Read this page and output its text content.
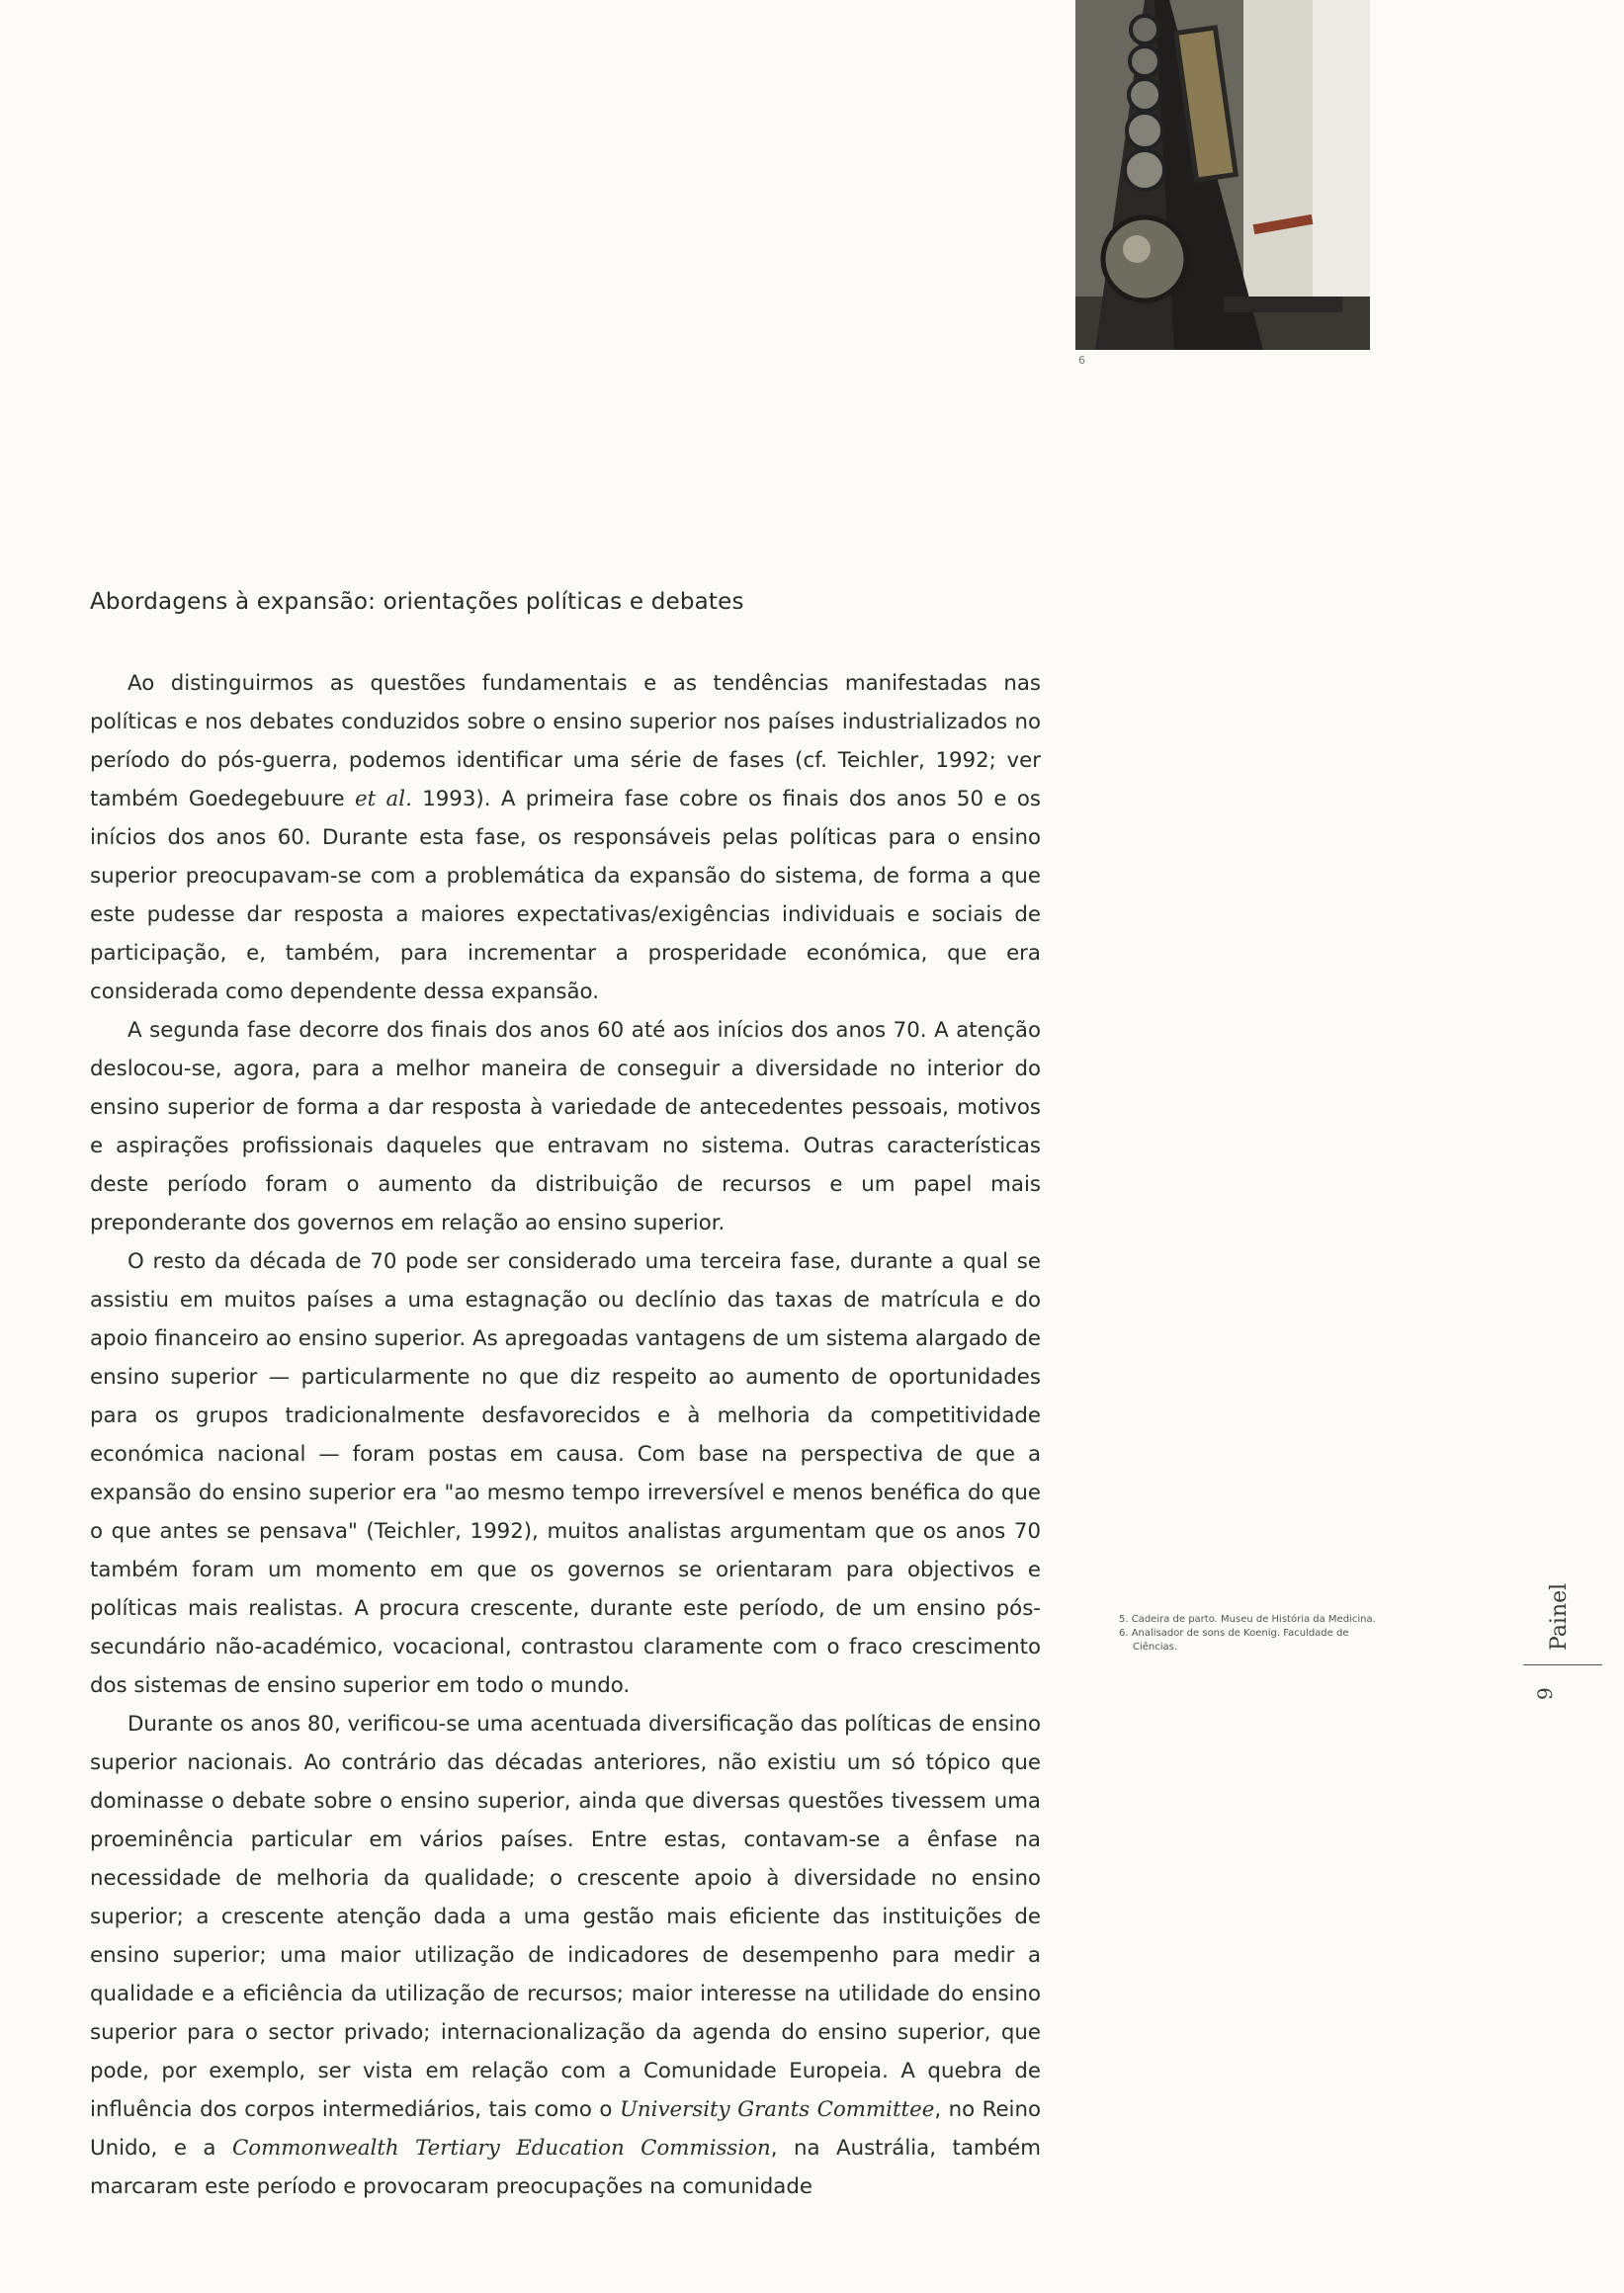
6
Abordagens à expansão: orientações políticas e debates

Ao distinguirmos as questões fundamentais e as tendências manifestadas nas políticas e nos debates conduzidos sobre o ensino superior nos países industrializados no período do pós-guerra, podemos identificar uma série de fases (cf. Teichler, 1992; ver também Goedegebuure et al. 1993). A primeira fase cobre os finais dos anos 50 e os inícios dos anos 60. Durante esta fase, os responsáveis pelas políticas para o ensino superior preocupavam-se com a problemática da expansão do sistema, de forma a que este pudesse dar resposta a maiores expectativas/exigências individuais e sociais de participação, e, também, para incrementar a prosperidade económica, que era considerada como dependente dessa expansão.

A segunda fase decorre dos finais dos anos 60 até aos inícios dos anos 70. A atenção deslocou-se, agora, para a melhor maneira de conseguir a diversidade no interior do ensino superior de forma a dar resposta à variedade de antecedentes pessoais, motivos e aspirações profissionais daqueles que entravam no sistema. Outras características deste período foram o aumento da distribuição de recursos e um papel mais preponderante dos governos em relação ao ensino superior.

O resto da década de 70 pode ser considerado uma terceira fase, durante a qual se assistiu em muitos países a uma estagnação ou declínio das taxas de matrícula e do apoio financeiro ao ensino superior. As apregoadas vantagens de um sistema alargado de ensino superior — particularmente no que diz respeito ao aumento de oportunidades para os grupos tradicionalmente desfavorecidos e à melhoria da competitividade económica nacional — foram postas em causa. Com base na perspectiva de que a expansão do ensino superior era "ao mesmo tempo irreversível e menos benéfica do que o que antes se pensava" (Teichler, 1992), muitos analistas argumentam que os anos 70 também foram um momento em que os governos se orientaram para objectivos e políticas mais realistas. A procura crescente, durante este período, de um ensino pós-secundário não-académico, vocacional, contrastou claramente com o fraco crescimento dos sistemas de ensino superior em todo o mundo.

Durante os anos 80, verificou-se uma acentuada diversificação das políticas de ensino superior nacionais. Ao contrário das décadas anteriores, não existiu um só tópico que dominasse o debate sobre o ensino superior, ainda que diversas questões tivessem uma proeminência particular em vários países. Entre estas, contavam-se a ênfase na necessidade de melhoria da qualidade; o crescente apoio à diversidade no ensino superior; a crescente atenção dada a uma gestão mais eficiente das instituições de ensino superior; uma maior utilização de indicadores de desempenho para medir a qualidade e a eficiência da utilização de recursos; maior interesse na utilidade do ensino superior para o sector privado; internacionalização da agenda do ensino superior, que pode, por exemplo, ser vista em relação com a Comunidade Europeia. A quebra de influência dos corpos intermediários, tais como o University Grants Committee, no Reino Unido, e a Commonwealth Tertiary Education Commission, na Austrália, também marcaram este período e provocaram preocupações na comunidade

5. Cadeira de parto. Museu de História da Medicina.
6. Analisador de sons de Koenig. Faculdade de Ciências.	Painel
9
